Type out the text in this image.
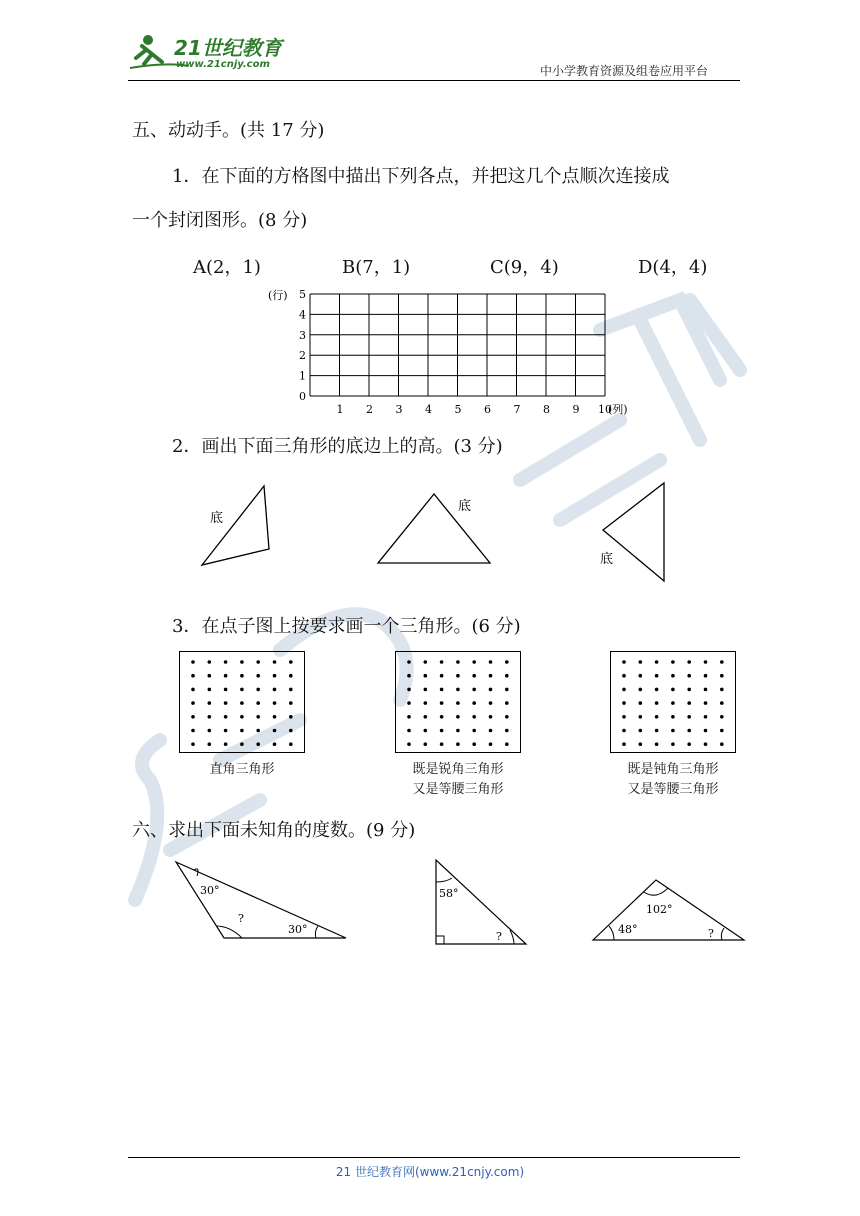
21世纪教育
www.21cnjy.com	中小学教育资源及组卷应用平台
五、动动手。(共 17 分)
1．在下面的方格图中描出下列各点，并把这几个点顺次连接成
一个封闭图形。(8 分)
A(2，1)	B(7，1)	C(9，4)	D(4，4)
(行)
(列)
0
1
2
3
4
5
1 2 3 4 5 6 7 8 9 10
2．画出下面三角形的底边上的高。(3 分)
底
底
底
3．在点子图上按要求画一个三角形。(6 分)
直角三角形	既是锐角三角形
又是等腰三角形
既是钝角三角形
又是等腰三角形
六、求出下面未知角的度数。(9 分)
30°
?
30°
58°
?
102°
48°	?
21 世纪教育网(www.21cnjy.com)
